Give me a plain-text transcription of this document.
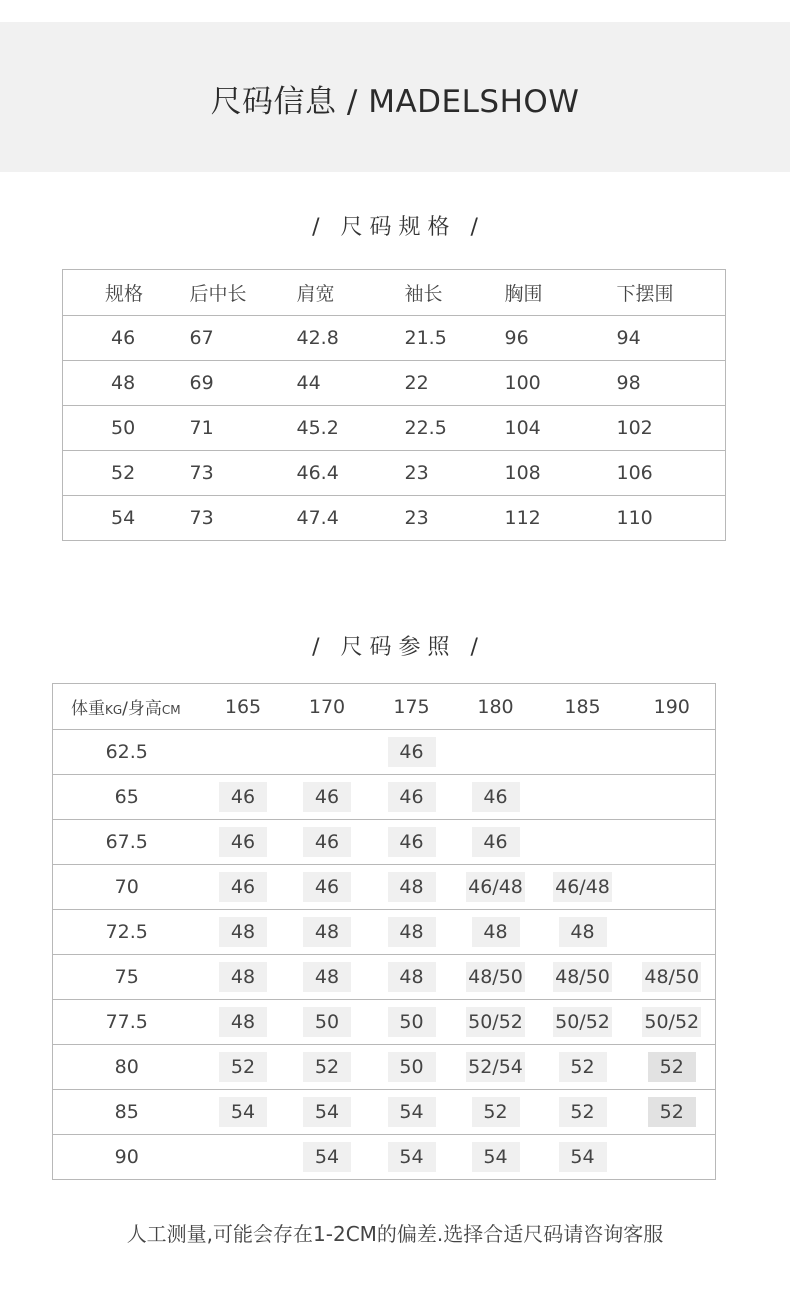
尺码信息 / MADELSHOW
/   尺 码 规 格   /
规格	后中长	肩宽	袖长	胸围	下摆围
46	67	42.8	21.5	96	94
48	69	44	22	100	98
50	71	45.2	22.5	104	102
52	73	46.4	23	108	106
54	73	47.4	23	112	110
/   尺 码 参 照   /
体重KG/身高CM	165	170	175	180	185	190
62.5			46			
65	46	46	46	46		
67.5	46	46	46	46		
70	46	46	48	46/48	46/48	
72.5	48	48	48	48	48	
75	48	48	48	48/50	48/50	48/50
77.5	48	50	50	50/52	50/52	50/52
80	52	52	50	52/54	52	52
85	54	54	54	52	52	52
90		54	54	54	54	
人工测量,可能会存在1-2CM的偏差.选择合适尺码请咨询客服
